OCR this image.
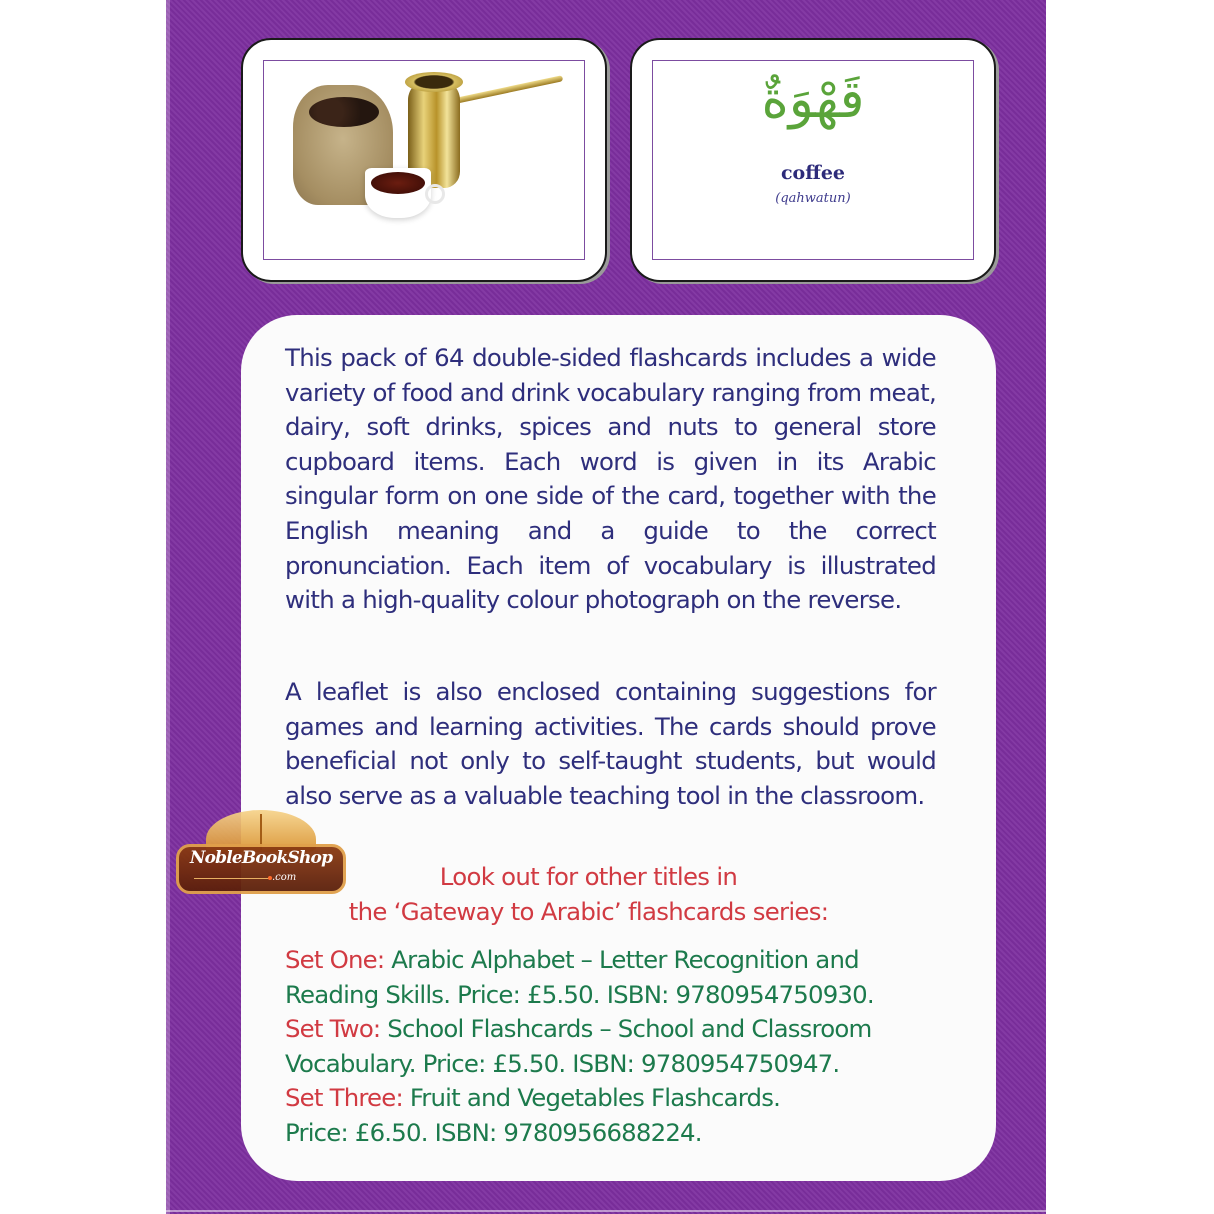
قَهْوَةٌ
coffee
(qahwatun)

This pack of 64 double-sided flashcards includes a wide variety of food and drink vocabulary ranging from meat, dairy, soft drinks, spices and nuts to general store cupboard items. Each word is given in its Arabic singular form on one side of the card, together with the English meaning and a guide to the correct pronunciation. Each item of vocabulary is illustrated with a high-quality colour photograph on the reverse.

A leaflet is also enclosed containing suggestions for games and learning activities. The cards should prove beneficial not only to self-taught students, but would also serve as a valuable teaching tool in the classroom.

Look out for other titles in
the ‘Gateway to Arabic’ flashcards series:
Set One: Arabic Alphabet – Letter Recognition and
Reading Skills. Price: £5.50. ISBN: 9780954750930.
Set Two: School Flashcards – School and Classroom
Vocabulary. Price: £5.50. ISBN: 9780954750947.
Set Three: Fruit and Vegetables Flashcards.
Price: £6.50. ISBN: 9780956688224.
NobleBookShop
.com
